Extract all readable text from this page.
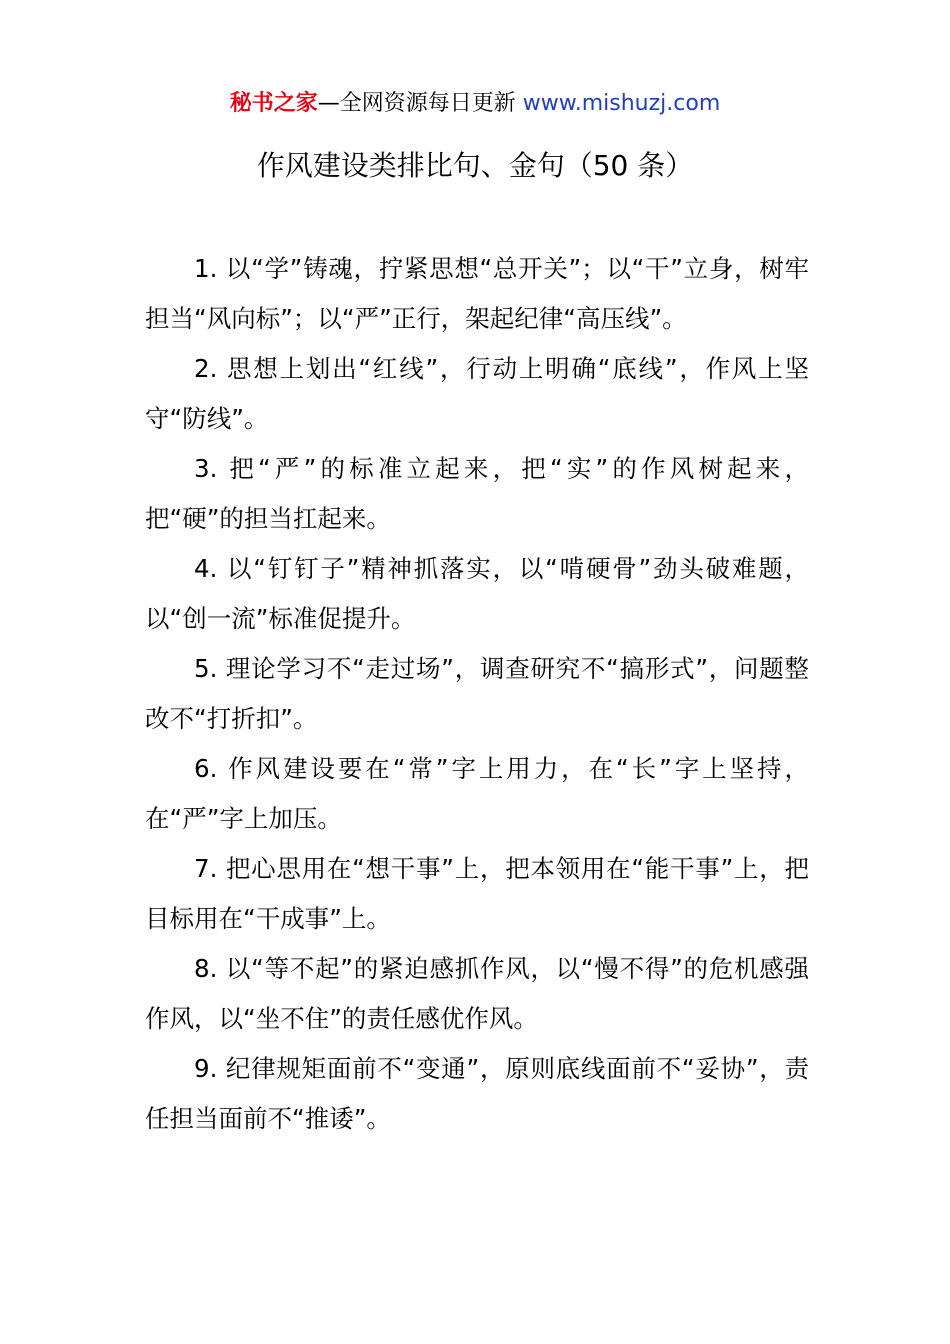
秘书之家—全网资源每日更新 www.mishuzj.com
作风建设类排比句、金句（50 条）

1. 以“学”铸魂，拧紧思想“总开关”；以“干”立身，树牢担当“风向标”；以“严”正行，架起纪律“高压线”。

2. 思想上划出“红线”，行动上明确“底线”，作风上坚守“防线”。

3. 把“严”的标准立起来，把“实”的作风树起来，把“硬”的担当扛起来。

4. 以“钉钉子”精神抓落实，以“啃硬骨”劲头破难题，以“创一流”标准促提升。

5. 理论学习不“走过场”，调查研究不“搞形式”，问题整改不“打折扣”。

6. 作风建设要在“常”字上用力，在“长”字上坚持，在“严”字上加压。

7. 把心思用在“想干事”上，把本领用在“能干事”上，把目标用在“干成事”上。

8. 以“等不起”的紧迫感抓作风，以“慢不得”的危机感强作风，以“坐不住”的责任感优作风。

9. 纪律规矩面前不“变通”，原则底线面前不“妥协”，责任担当面前不“推诿”。
